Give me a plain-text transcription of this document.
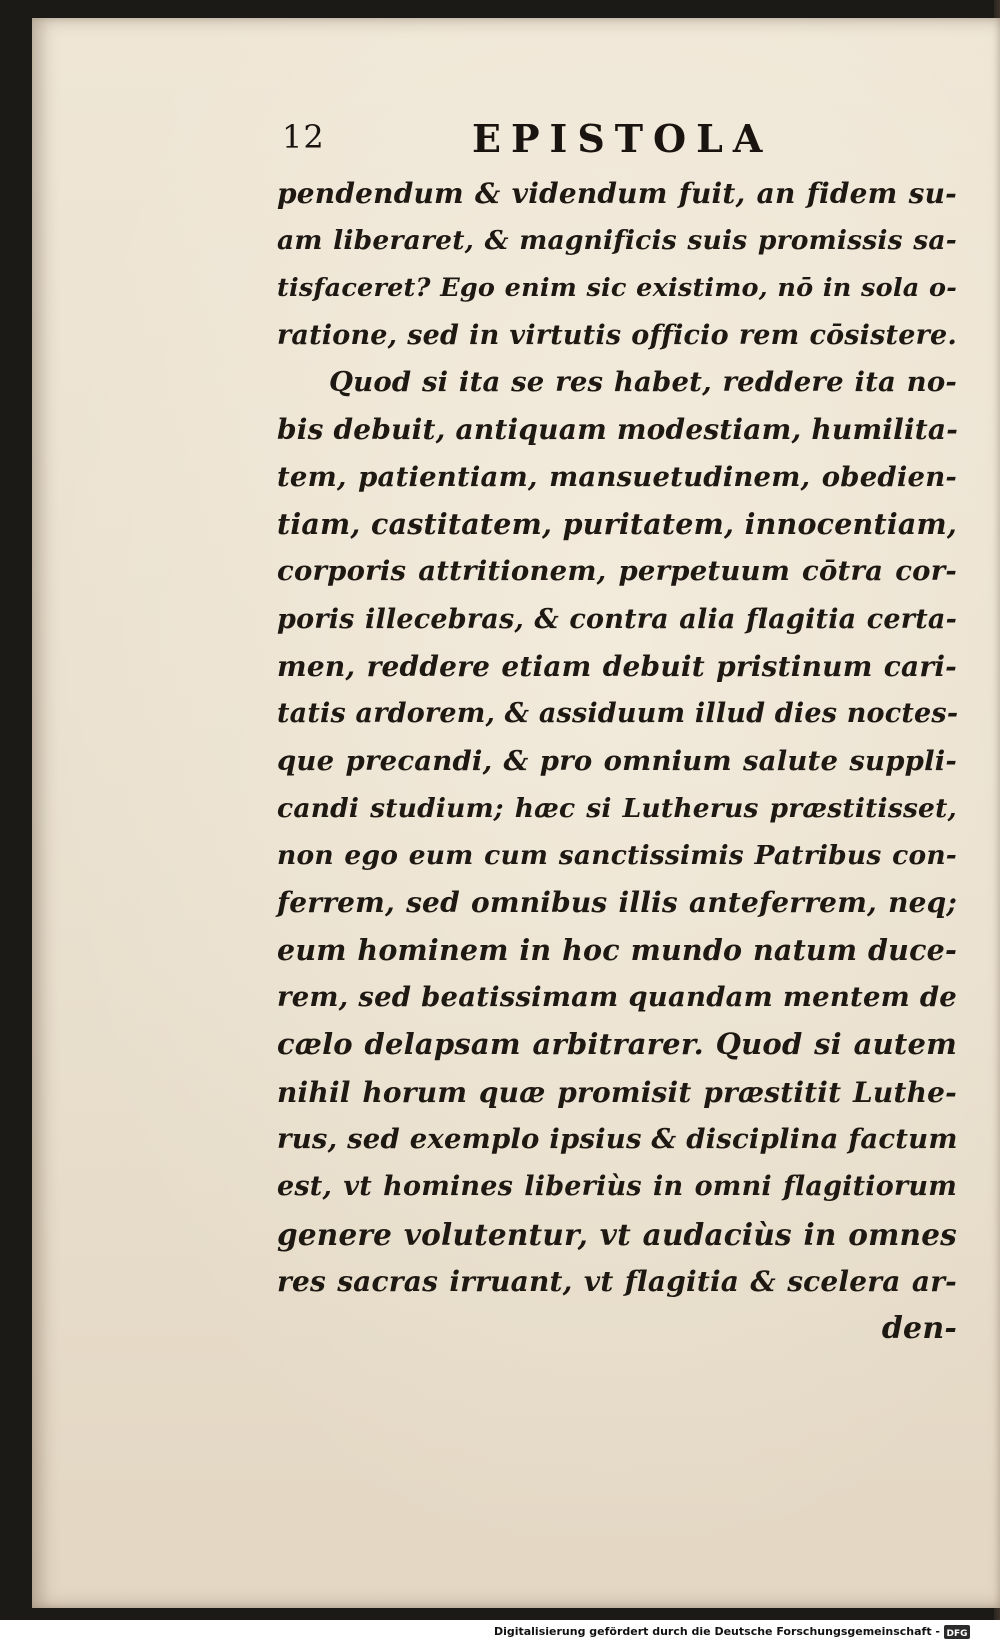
12	EPISTOLA
pendendum & videndum fuit, an fidem su-
am liberaret, & magnificis suis promissis sa-
tisfaceret? Ego enim sic existimo, nō in sola o-
ratione, sed in virtutis officio rem cōsistere.
Quod si ita se res habet, reddere ita no-
bis debuit, antiquam modestiam, humilita-
tem, patientiam, mansuetudinem, obedien-
tiam, castitatem, puritatem, innocentiam,
corporis attritionem, perpetuum cōtra cor-
poris illecebras, & contra alia flagitia certa-
men, reddere etiam debuit pristinum cari-
tatis ardorem, & assiduum illud dies noctes-
que precandi, & pro omnium salute suppli-
candi studium; hæc si Lutherus præstitisset,
non ego eum cum sanctissimis Patribus con-
ferrem, sed omnibus illis anteferrem, neq;
eum hominem in hoc mundo natum duce-
rem, sed beatissimam quandam mentem de
cælo delapsam arbitrarer. Quod si autem
nihil horum quæ promisit præstitit Luthe-
rus, sed exemplo ipsius & disciplina factum
est, vt homines liberiùs in omni flagitiorum
genere volutentur, vt audaciùs in omnes
res sacras irruant, vt flagitia & scelera ar-
den-
Digitalisierung gefördert durch die Deutsche Forschungsgemeinschaft - DFG
